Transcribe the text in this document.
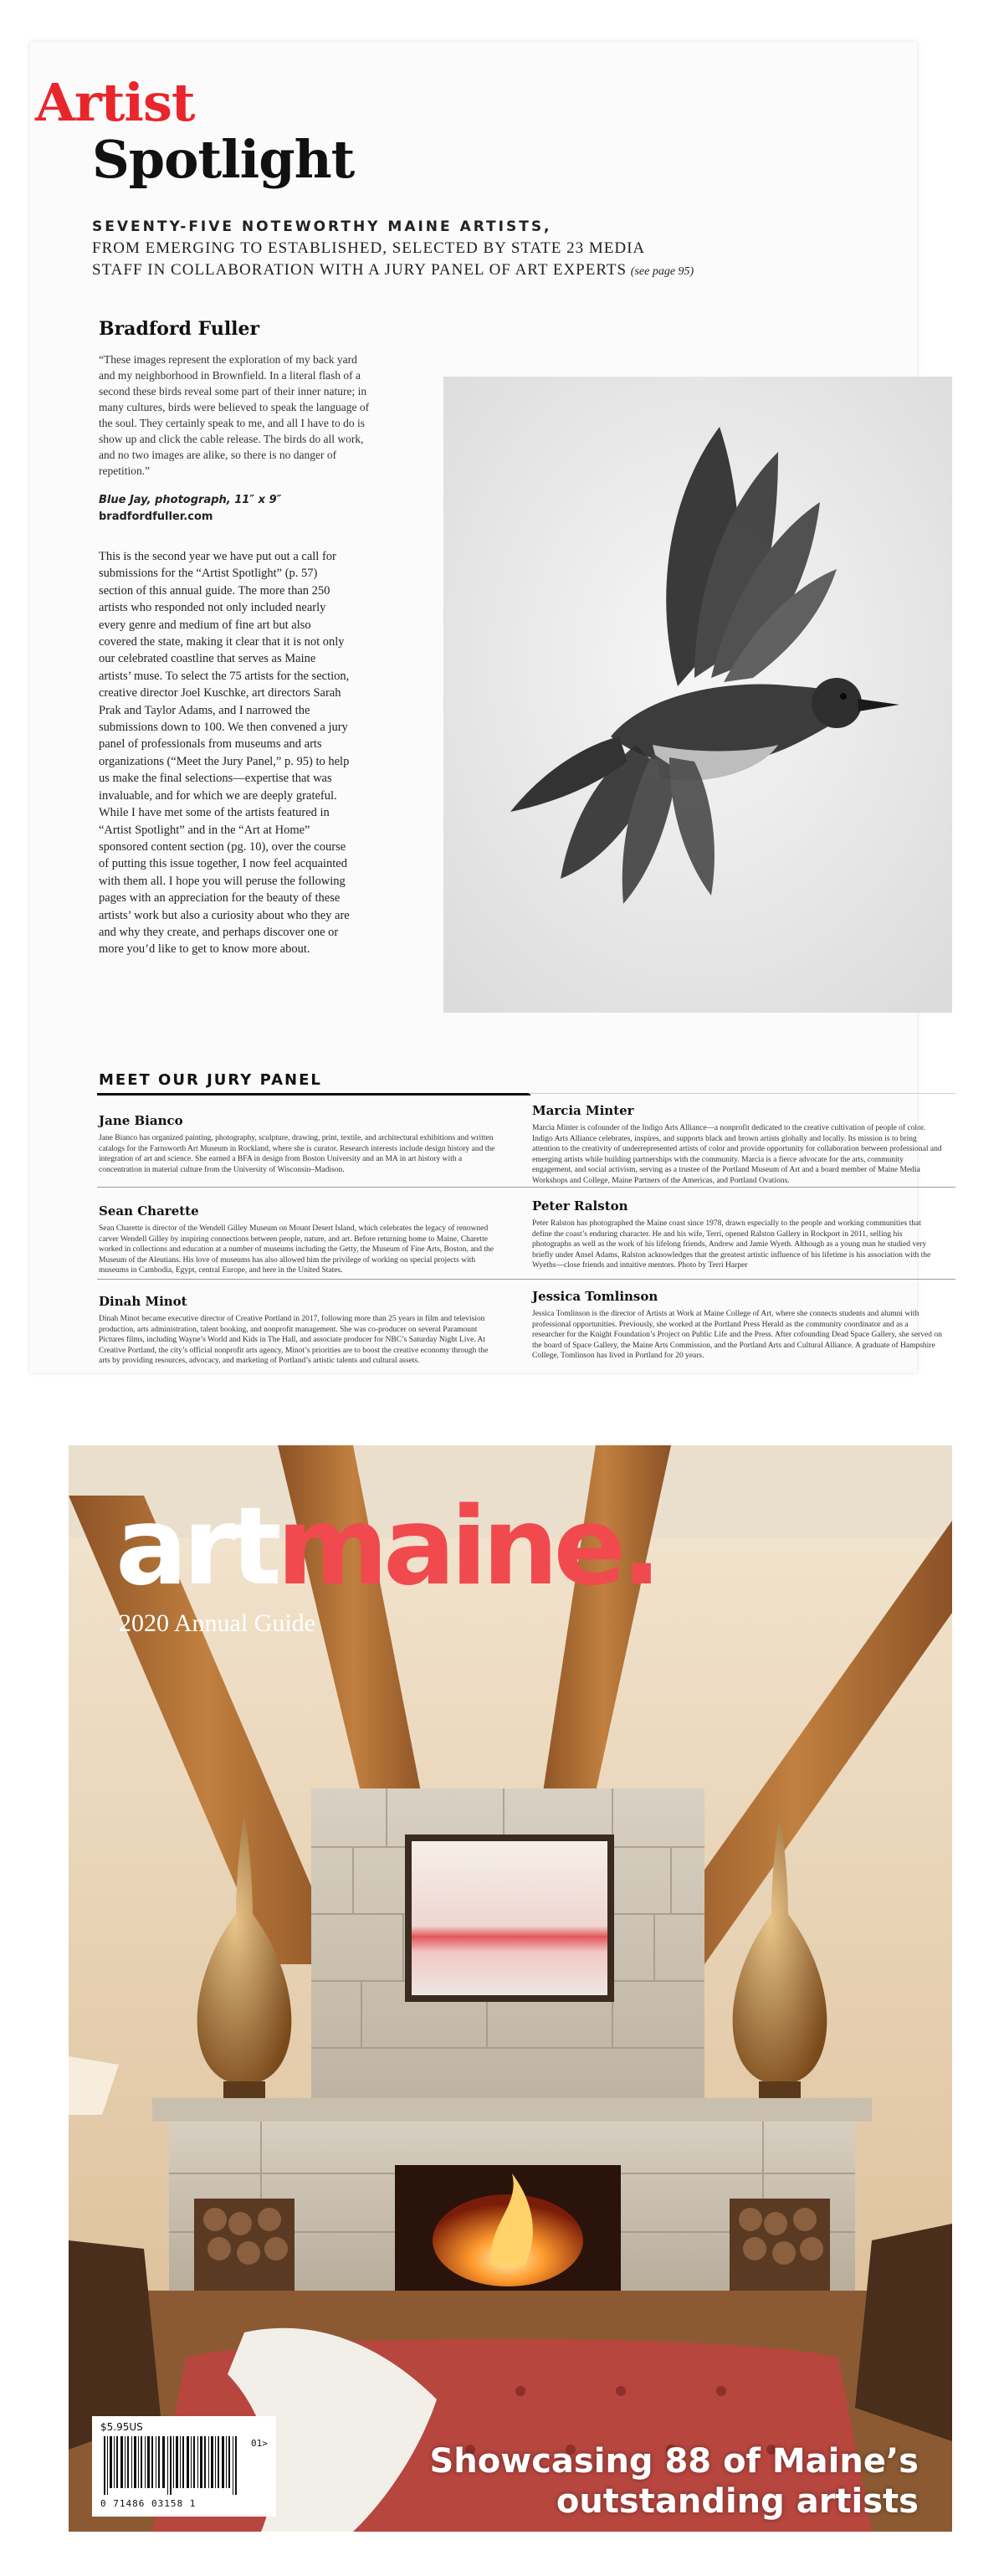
Artist
Spotlight

SEVENTY-FIVE NOTEWORTHY MAINE ARTISTS,
FROM EMERGING TO ESTABLISHED, SELECTED BY STATE 23 MEDIA STAFF IN COLLABORATION WITH A JURY PANEL OF ART EXPERTS (see page 95)

Bradford Fuller

“These images represent the exploration of my back yard and my neighborhood in Brownfield. In a literal flash of a second these birds reveal some part of their inner nature; in many cultures, birds were believed to speak the language of the soul. They certainly speak to me, and all I have to do is show up and click the cable release. The birds do all work, and no two images are alike, so there is no danger of repetition.”

Blue Jay, photograph, 11″ x 9″
bradfordfuller.com

This is the second year we have put out a call for submissions for the “Artist Spotlight” (p. 57) section of this annual guide. The more than 250 artists who responded not only included nearly every genre and medium of fine art but also covered the state, making it clear that it is not only our celebrated coastline that serves as Maine artists’ muse. To select the 75 artists for the section, creative director Joel Kuschke, art directors Sarah Prak and Taylor Adams, and I narrowed the submissions down to 100. We then convened a jury panel of professionals from museums and arts organizations (“Meet the Jury Panel,” p. 95) to help us make the final selections—expertise that was invaluable, and for which we are deeply grateful. While I have met some of the artists featured in “Artist Spotlight” and in the “Art at Home” sponsored content section (pg. 10), over the course of putting this issue together, I now feel acquainted with them all. I hope you will peruse the following pages with an appreciation for the beauty of these artists’ work but also a curiosity about who they are and why they create, and perhaps discover one or more you’d like to get to know more about.

MEET OUR JURY PANEL
Jane Bianco
Jane Bianco has organized painting, photography, sculpture, drawing, print, textile, and architectural exhibitions and written catalogs for the Farnsworth Art Museum in Rockland, where she is curator. Research interests include design history and the integration of art and science. She earned a BFA in design from Boston University and an MA in art history with a concentration in material culture from the University of Wisconsin–Madison.
Sean Charette
Sean Charette is director of the Wendell Gilley Museum on Mount Desert Island, which celebrates the legacy of renowned carver Wendell Gilley by inspiring connections between people, nature, and art. Before returning home to Maine, Charette worked in collections and education at a number of museums including the Getty, the Museum of Fine Arts, Boston, and the Museum of the Aleutians. His love of museums has also allowed him the privilege of working on special projects with museums in Cambodia, Egypt, central Europe, and here in the United States.
Dinah Minot
Dinah Minot became executive director of Creative Portland in 2017, following more than 25 years in film and television production, arts administration, talent booking, and nonprofit management. She was co-producer on several Paramount Pictures films, including Wayne’s World and Kids in The Hall, and associate producer for NBC’s Saturday Night Live. At Creative Portland, the city’s official nonprofit arts agency, Minot’s priorities are to boost the creative economy through the arts by providing resources, advocacy, and marketing of Portland’s artistic talents and cultural assets.
Marcia Minter
Marcia Minter is cofounder of the Indigo Arts Alliance—a nonprofit dedicated to the creative cultivation of people of color. Indigo Arts Alliance celebrates, inspires, and supports black and brown artists globally and locally. Its mission is to bring attention to the creativity of underrepresented artists of color and provide opportunity for collaboration between professional and emerging artists while building partnerships with the community. Marcia is a fierce advocate for the arts, community engagement, and social activism, serving as a trustee of the Portland Museum of Art and a board member of Maine Media Workshops and College, Maine Partners of the Americas, and Portland Ovations.
Peter Ralston
Peter Ralston has photographed the Maine coast since 1978, drawn especially to the people and working communities that define the coast’s enduring character. He and his wife, Terri, opened Ralston Gallery in Rockport in 2011, selling his photographs as well as the work of his lifelong friends, Andrew and Jamie Wyeth. Although as a young man he studied very briefly under Ansel Adams, Ralston acknowledges that the greatest artistic influence of his lifetime is his association with the Wyeths—close friends and intuitive mentors. Photo by Terri Harper
Jessica Tomlinson
Jessica Tomlinson is the director of Artists at Work at Maine College of Art, where she connects students and alumni with professional opportunities. Previously, she worked at the Portland Press Herald as the community coordinator and as a researcher for the Knight Foundation’s Project on Public Life and the Press. After cofounding Dead Space Gallery, she served on the board of Space Gallery, the Maine Arts Commission, and the Portland Arts and Cultural Alliance. A graduate of Hampshire College, Tomlinson has lived in Portland for 20 years.
artmaine.
2020 Annual Guide
Showcasing 88 of Maine’s outstanding artists
$5.95US
01>
0 71486 03158 1
